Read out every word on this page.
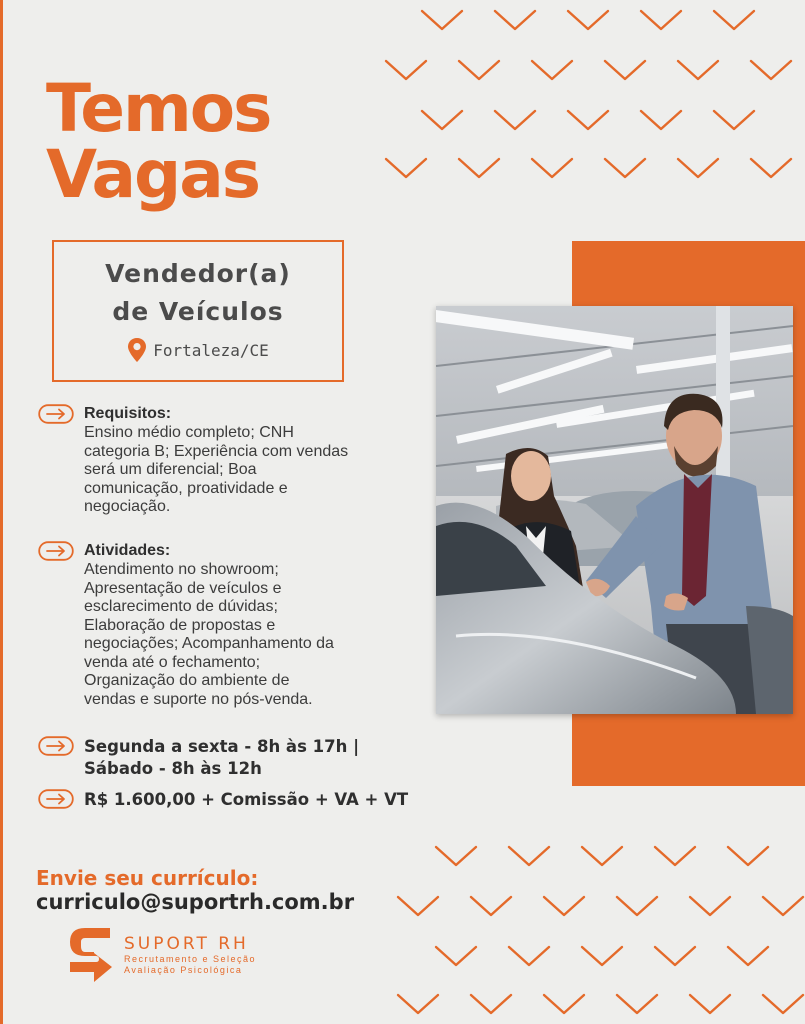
Temos
Vagas
Vendedor(a)
de Veículos
Fortaleza/CE
Requisitos:
Ensino médio completo; CNH
categoria B; Experiência com vendas
será um diferencial; Boa
comunicação, proatividade e
negociação.
Atividades:
Atendimento no showroom;
Apresentação de veículos e
esclarecimento de dúvidas;
Elaboração de propostas e
negociações; Acompanhamento da
venda até o fechamento;
Organização do ambiente de
vendas e suporte no pós-venda.
Segunda a sexta - 8h às 17h |
Sábado - 8h às 12h
R$ 1.600,00 + Comissão + VA + VT
Envie seu currículo:
curriculo@suportrh.com.br
SUPORT RH
Recrutamento e Seleção
Avaliação Psicológica
